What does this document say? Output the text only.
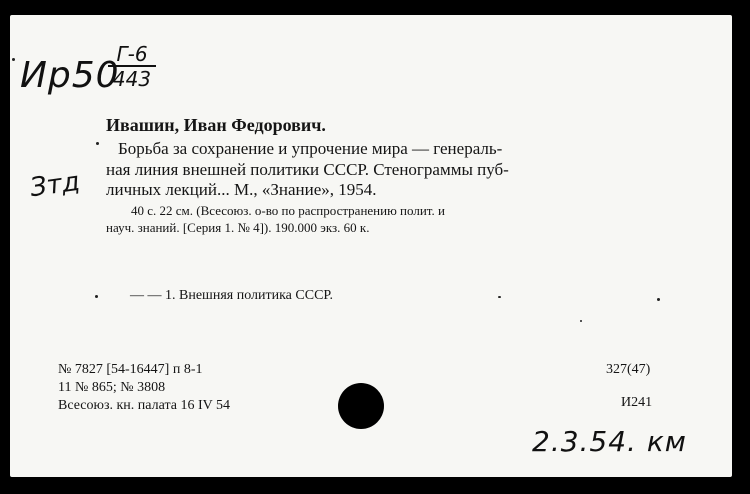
Ир50
Г-6
443
Зтд
Ивашин, Иван Федорович.
Борьба за сохранение и упрочение мира — генераль-
ная линия внешней политики СССР. Стенограммы пуб-
личных лекций... М., «Знание», 1954.
40 с. 22 см. (Всесоюз. о-во по распространению полит. и
науч. знаний. [Серия 1. № 4]). 190.000 экз. 60 к.
— — 1. Внешняя политика СССР.
№ 7827 [54-16447] п 8-1
11 № 865; № 3808
Всесоюз. кн. палата 16 IV 54
327(47)
И241
2.3.54. км
